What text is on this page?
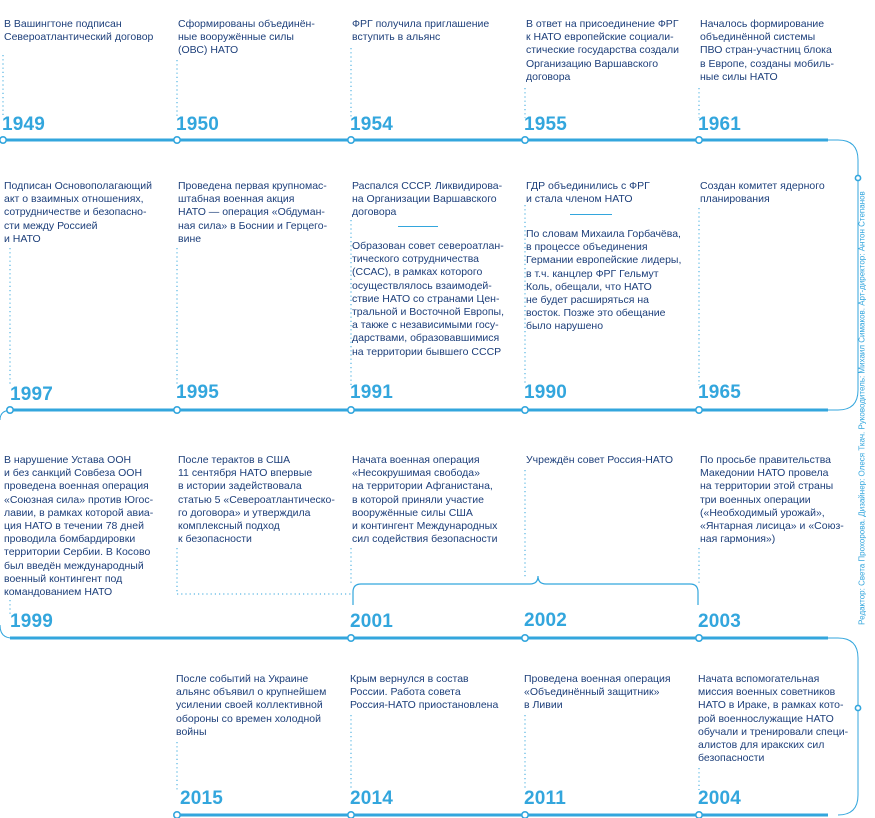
В Вашингтоне подписан
Североатлантический договор
Сформированы объединён-
ные вооружённые силы
(ОВС) НАТО
ФРГ получила приглашение
вступить в альянс
В ответ на присоединение ФРГ
к НАТО европейские социали-
стические государства создали
Организацию Варшавского
договора
Началось формирование
объединённой системы
ПВО стран-участниц блока
в Европе, созданы мобиль-
ные силы НАТО
1949	1950	1954	1955	1961
Подписан Основополагающий
акт о взаимных отношениях,
сотрудничестве и безопасно-
сти между Россией
и НАТО
Проведена первая крупномас-
штабная военная акция
НАТО — операция «Обдуман-
ная сила» в Боснии и Герцего-
вине
Распался СССР. Ликвидирова-
на Организации Варшавского
договора
Образован совет североатлан-
тического сотрудничества
(ССАС), в рамках которого
осуществлялось взаимодей-
ствие НАТО со странами Цен-
тральной и Восточной Европы,
а также с независимыми госу-
дарствами, образовавшимися
на территории бывшего СССР
ГДР объединились с ФРГ
и стала членом НАТО
По словам Михаила Горбачёва,
в процессе объединения
Германии европейские лидеры,
в т.ч. канцлер ФРГ Гельмут
Коль, обещали, что НАТО
не будет расширяться на
восток. Позже это обещание
было нарушено
Создан комитет ядерного
планирования
1997	1995	1991	1990	1965
В нарушение Устава ООН
и без санкций Совбеза ООН
проведена военная операция
«Союзная сила» против Югос-
лавии, в рамках которой авиа-
ция НАТО в течении 78 дней
проводила бомбардировки
территории Сербии. В Косово
был введён международный
военный контингент под
командованием НАТО
После терактов в США
11 сентября НАТО впервые
в истории задействовала
статью 5 «Североатлантическо-
го договора» и утверждила
комплексный подход
к безопасности
Начата военная операция
«Несокрушимая свобода»
на территории Афганистана,
в которой приняли участие
вооружённые силы США
и контингент Международных
сил содействия безопасности
Учреждён совет Россия-НАТО	По просьбе правительства
Македонии НАТО провела
на территории этой страны
три военных операции
(«Необходимый урожай»,
«Янтарная лисица» и «Союз-
ная гармония»)
1999	2001	2002	2003
После событий на Украине
альянс объявил о крупнейшем
усилении своей коллективной
обороны со времен холодной
войны
Крым вернулся в состав
России. Работа совета
Россия-НАТО приостановлена
Проведена военная операция
«Объединённый защитник»
в Ливии
Начата вспомогательная
миссия военных советников
НАТО в Ираке, в рамках кото-
рой военнослужащие НАТО
обучали и тренировали специ-
алистов для иракских сил
безопасности
2015	2014	2011	2004
Редактор: Света Прохорова. Дизайнер: Олеся Ткач. Руководитель: Михаил Симаков. Арт-директор: Антон Степанов
